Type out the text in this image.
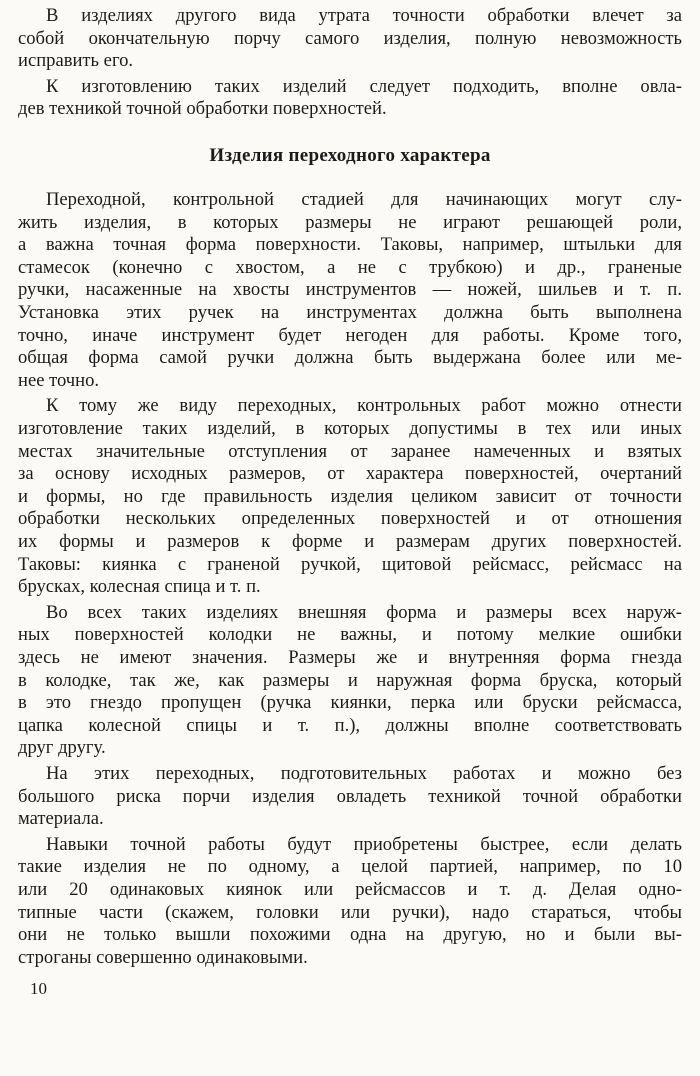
Изделия переходного характера
В изделиях другого вида утрата точности обработки влечет за
собой окончательную порчу самого изделия, полную невозможность
исправить его.
К изготовлению таких изделий следует подходить, вполне овла-
дев техникой точной обработки поверхностей.
Переходной, контрольной стадией для начинающих могут слу-
жить изделия, в которых размеры не играют решающей роли,
а важна точная форма поверхности. Таковы, например, штыльки для
стамесок (конечно с хвостом, а не с трубкою) и др., граненые
ручки, насаженные на хвосты инструментов — ножей, шильев и т. п.
Установка этих ручек на инструментах должна быть выполнена
точно, иначе инструмент будет негоден для работы. Кроме того,
общая форма самой ручки должна быть выдержана более или ме-
нее точно.
К тому же виду переходных, контрольных работ можно отнести
изготовление таких изделий, в которых допустимы в тех или иных
местах значительные отступления от заранее намеченных и взятых
за основу исходных размеров, от характера поверхностей, очертаний
и формы, но где правильность изделия целиком зависит от точности
обработки нескольких определенных поверхностей и от отношения
их формы и размеров к форме и размерам других поверхностей.
Таковы: киянка с граненой ручкой, щитовой рейсмасс, рейсмасс на
брусках, колесная спица и т. п.
Во всех таких изделиях внешняя форма и размеры всех наруж-
ных поверхностей колодки не важны, и потому мелкие ошибки
здесь не имеют значения. Размеры же и внутренняя форма гнезда
в колодке, так же, как размеры и наружная форма бруска, который
в это гнездо пропущен (ручка киянки, перка или бруски рейсмасса,
цапка колесной спицы и т. п.), должны вполне соответствовать
друг другу.
На этих переходных, подготовительных работах и можно без
большого риска порчи изделия овладеть техникой точной обработки
материала.
Навыки точной работы будут приобретены быстрее, если делать
такие изделия не по одному, а целой партией, например, по 10
или 20 одинаковых киянок или рейсмассов и т. д. Делая одно-
типные части (скажем, головки или ручки), надо стараться, чтобы
они не только вышли похожими одна на другую, но и были вы-
строганы совершенно одинаковыми.
10
